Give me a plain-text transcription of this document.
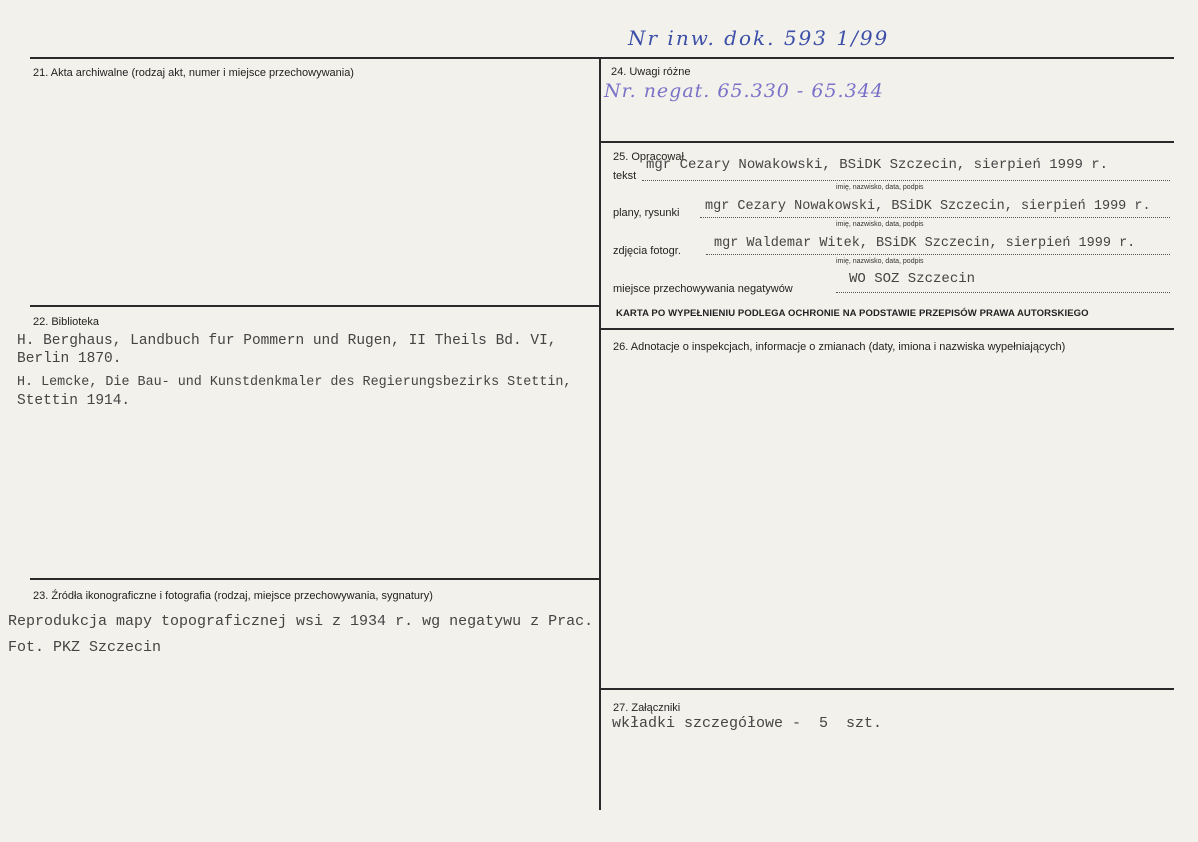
Nr inw. dok. 593 1/99
21. Akta archiwalne (rodzaj akt, numer i miejsce przechowywania)
22. Biblioteka
H. Berghaus, Landbuch fur Pommern und Rugen, II Theils Bd. VI,
Berlin 1870.
H. Lemcke, Die Bau- und Kunstdenkmaler des Regierungsbezirks Stettin,
Stettin 1914.
23. Źródła ikonograficzne i fotografia (rodzaj, miejsce przechowywania, sygnatury)
Reprodukcja mapy topograficznej wsi z 1934 r. wg negatywu z Prac.
Fot. PKZ Szczecin
24. Uwagi różne
Nr. negat. 65.330 - 65.344
25. Opracował
tekst
mgr Cezary Nowakowski, BSiDK Szczecin, sierpień 1999 r.
imię, nazwisko, data, podpis
plany, rysunki mgr Cezary Nowakowski, BSiDK Szczecin, sierpień 1999 r.
imię, nazwisko, data, podpis
zdjęcia fotogr. mgr Waldemar Witek, BSiDK Szczecin, sierpień 1999 r.
imię, nazwisko, data, podpis
miejsce przechowywania negatywów
WO SOZ Szczecin
KARTA PO WYPEŁNIENIU PODLEGA OCHRONIE NA PODSTAWIE PRZEPISÓW PRAWA AUTORSKIEGO
26. Adnotacje o inspekcjach, informacje o zmianach (daty, imiona i nazwiska wypełniających)
27. Załączniki
wkładki szczegółowe -  5  szt.
